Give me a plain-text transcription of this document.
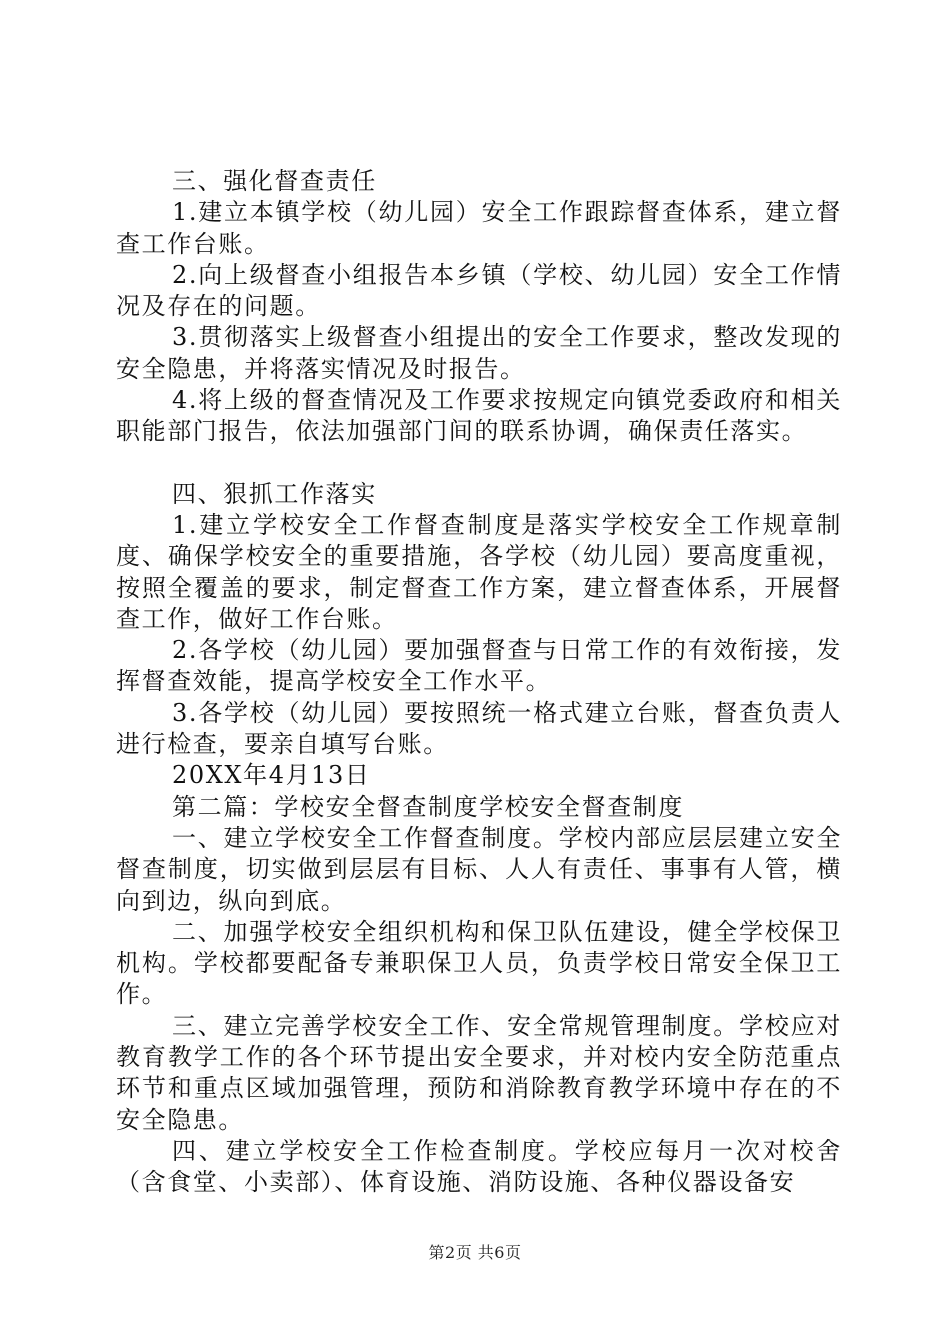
三、强化督查责任

1.建立本镇学校（幼儿园）安全工作跟踪督查体系，建立督查工作台账。

2.向上级督查小组报告本乡镇（学校、幼儿园）安全工作情况及存在的问题。

3.贯彻落实上级督查小组提出的安全工作要求，整改发现的安全隐患，并将落实情况及时报告。

4.将上级的督查情况及工作要求按规定向镇党委政府和相关职能部门报告，依法加强部门间的联系协调，确保责任落实。

四、狠抓工作落实

1.建立学校安全工作督查制度是落实学校安全工作规章制度、确保学校安全的重要措施，各学校（幼儿园）要高度重视，按照全覆盖的要求，制定督查工作方案，建立督查体系，开展督查工作，做好工作台账。

2.各学校（幼儿园）要加强督查与日常工作的有效衔接，发挥督查效能，提高学校安全工作水平。

3.各学校（幼儿园）要按照统一格式建立台账，督查负责人进行检查，要亲自填写台账。

20XX年4月13日

第二篇：学校安全督查制度学校安全督查制度

一、建立学校安全工作督查制度。学校内部应层层建立安全督查制度，切实做到层层有目标、人人有责任、事事有人管，横向到边，纵向到底。

二、加强学校安全组织机构和保卫队伍建设，健全学校保卫机构。学校都要配备专兼职保卫人员，负责学校日常安全保卫工作。

三、建立完善学校安全工作、安全常规管理制度。学校应对教育教学工作的各个环节提出安全要求，并对校内安全防范重点环节和重点区域加强管理，预防和消除教育教学环境中存在的不安全隐患。

四、建立学校安全工作检查制度。学校应每月一次对校舍（含食堂、小卖部）、体育设施、消防设施、各种仪器设备安

第2页 共6页
